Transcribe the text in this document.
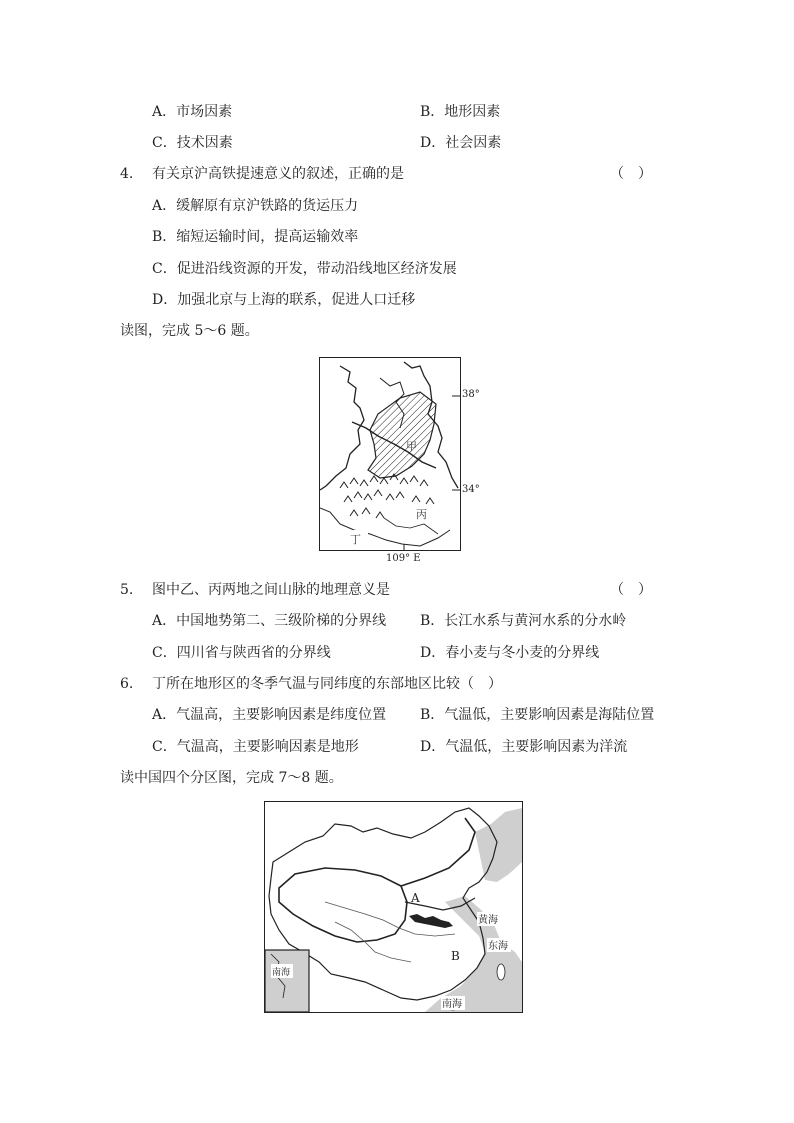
A．市场因素	B．地形因素
C．技术因素	D．社会因素
4. 有关京沪高铁提速意义的叙述，正确的是	（　）
A．缓解原有京沪铁路的货运压力
B．缩短运输时间，提高运输效率
C．促进沿线资源的开发，带动沿线地区经济发展
D．加强北京与上海的联系，促进人口迁移
读图，完成 5～6 题。
甲
丙
丁
38°
34°
109° E
5. 图中乙、丙两地之间山脉的地理意义是	（　）
A．中国地势第二、三级阶梯的分界线 B．长江水系与黄河水系的分水岭
C．四川省与陕西省的分界线	D．春小麦与冬小麦的分界线
6. 丁所在地形区的冬季气温与同纬度的东部地区比较（　）
A．气温高，主要影响因素是纬度位置 B．气温低，主要影响因素是海陆位置
C．气温高，主要影响因素是地形	D．气温低，主要影响因素为洋流
读中国四个分区图，完成 7～8 题。
A
B
黄海
东海
南海
南海
